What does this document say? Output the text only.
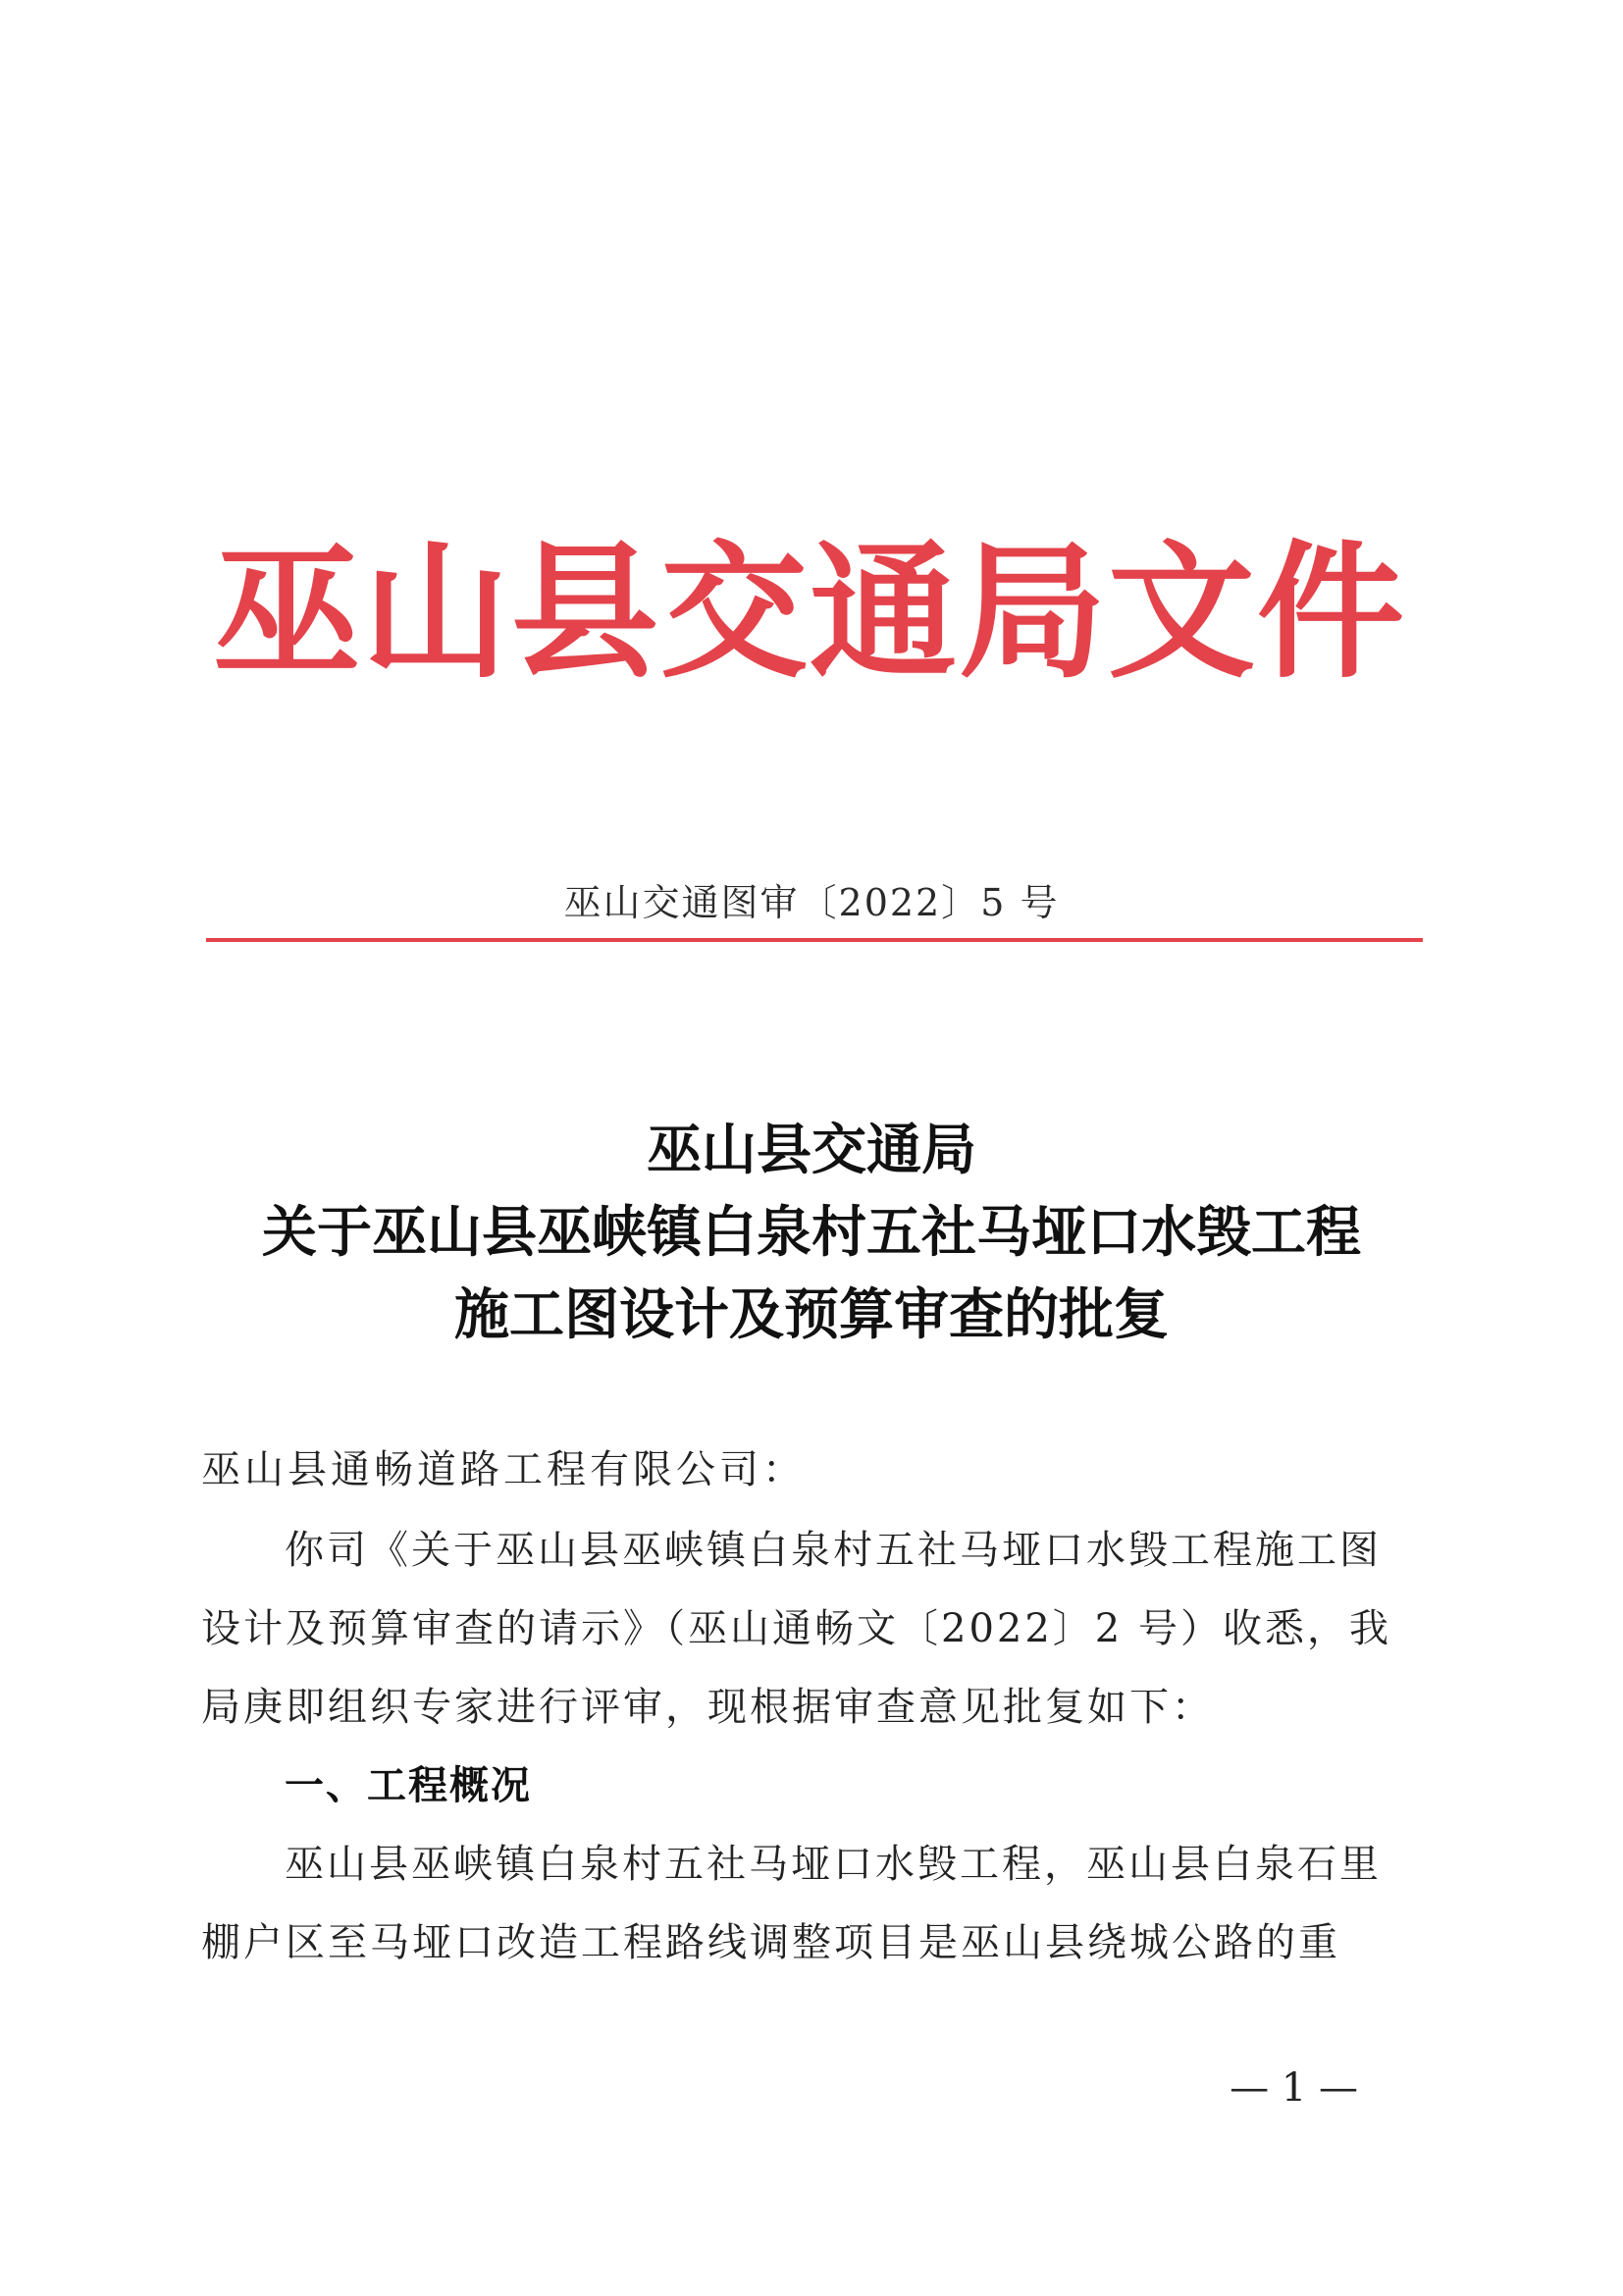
巫山县交通局文件
巫山交通图审〔2022〕5 号
巫山县交通局
关于巫山县巫峡镇白泉村五社马垭口水毁工程
施工图设计及预算审查的批复
巫山县通畅道路工程有限公司：
你司《关于巫山县巫峡镇白泉村五社马垭口水毁工程施工图
设计及预算审查的请示》（巫山通畅文〔2022〕2 号）收悉，我
局庚即组织专家进行评审，现根据审查意见批复如下：
一、工程概况
巫山县巫峡镇白泉村五社马垭口水毁工程，巫山县白泉石里
棚户区至马垭口改造工程路线调整项目是巫山县绕城公路的重
— 1 —
